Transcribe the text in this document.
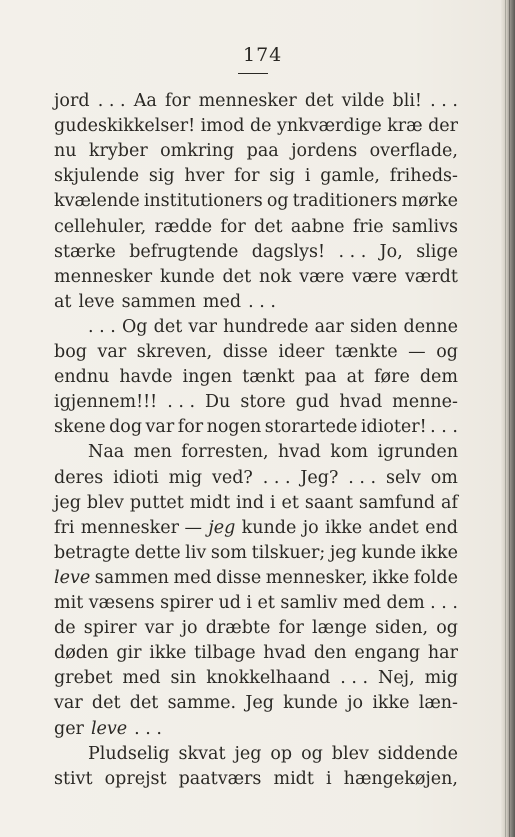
174
jord . . . Aa for mennesker det vilde bli! . . .
gudeskikkelser! imod de ynkværdige kræ der
nu kryber omkring paa jordens overflade,
skjulende sig hver for sig i gamle, friheds-
kvælende institutioners og traditioners mørke
cellehuler, rædde for det aabne frie samlivs
stærke befrugtende dagslys! . . . Jo, slige
mennesker kunde det nok være være værdt
at leve sammen med . . .
. . . Og det var hundrede aar siden denne
bog var skreven, disse ideer tænkte — og
endnu havde ingen tænkt paa at føre dem
igjennem!!! . . . Du store gud hvad menne-
skene dog var for nogen storartede idioter! . . .
Naa men forresten, hvad kom igrunden
deres idioti mig ved? . . . Jeg? . . . selv om
jeg blev puttet midt ind i et saant samfund af
fri mennesker — jeg kunde jo ikke andet end
betragte dette liv som tilskuer; jeg kunde ikke
leve sammen med disse mennesker, ikke folde
mit væsens spirer ud i et samliv med dem . . .
de spirer var jo dræbte for længe siden, og
døden gir ikke tilbage hvad den engang har
grebet med sin knokkelhaand . . . Nej, mig
var det det samme. Jeg kunde jo ikke læn-
ger leve . . .
Pludselig skvat jeg op og blev siddende
stivt oprejst paatværs midt i hængekøjen,
